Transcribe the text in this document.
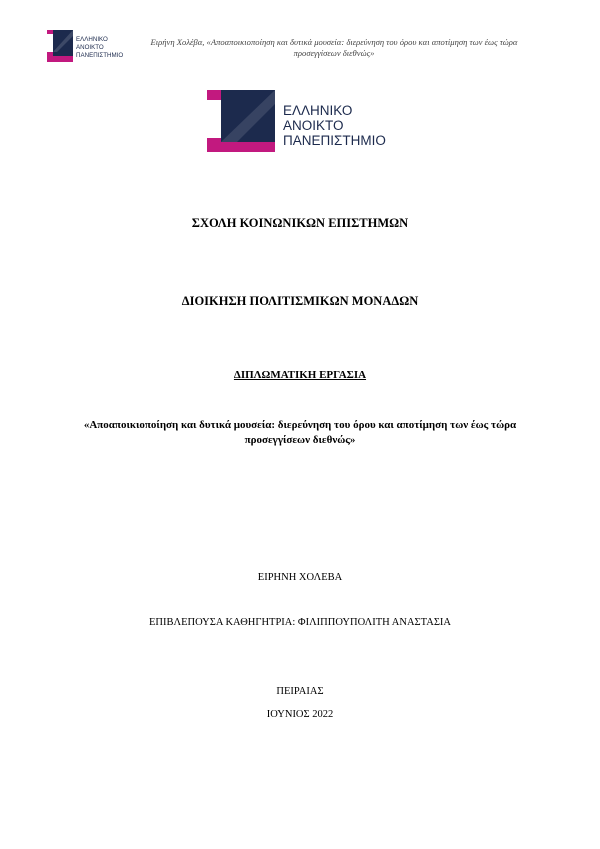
ΕΛΛΗΝΙΚΟ
ΑΝΟΙΚΤΟ
ΠΑΝΕΠΙΣΤΗΜΙΟ
Ειρήνη Χολέβα, «Αποαποικιοποίηση και δυτικά μουσεία: διερεύνηση του όρου και αποτίμηση των έως τώρα προσεγγίσεων διεθνώς»
ΕΛΛΗΝΙΚΟ
ΑΝΟΙΚΤΟ
ΠΑΝΕΠΙΣΤΗΜΙΟ
ΣΧΟΛΗ ΚΟΙΝΩΝΙΚΩΝ ΕΠΙΣΤΗΜΩΝ
ΔΙΟΙΚΗΣΗ ΠΟΛΙΤΙΣΜΙΚΩΝ ΜΟΝΑΔΩΝ
ΔΙΠΛΩΜΑΤΙΚΗ ΕΡΓΑΣΙΑ
«Αποαποικιοποίηση και δυτικά μουσεία: διερεύνηση του όρου και αποτίμηση των έως τώρα προσεγγίσεων διεθνώς»
ΕΙΡΗΝΗ ΧΟΛΕΒΑ
ΕΠΙΒΛΕΠΟΥΣΑ ΚΑΘΗΓΗΤΡΙΑ: ΦΙΛΙΠΠΟΥΠΟΛΙΤΗ ΑΝΑΣΤΑΣΙΑ
ΠΕΙΡΑΙΑΣ
ΙΟΥΝΙΟΣ 2022
